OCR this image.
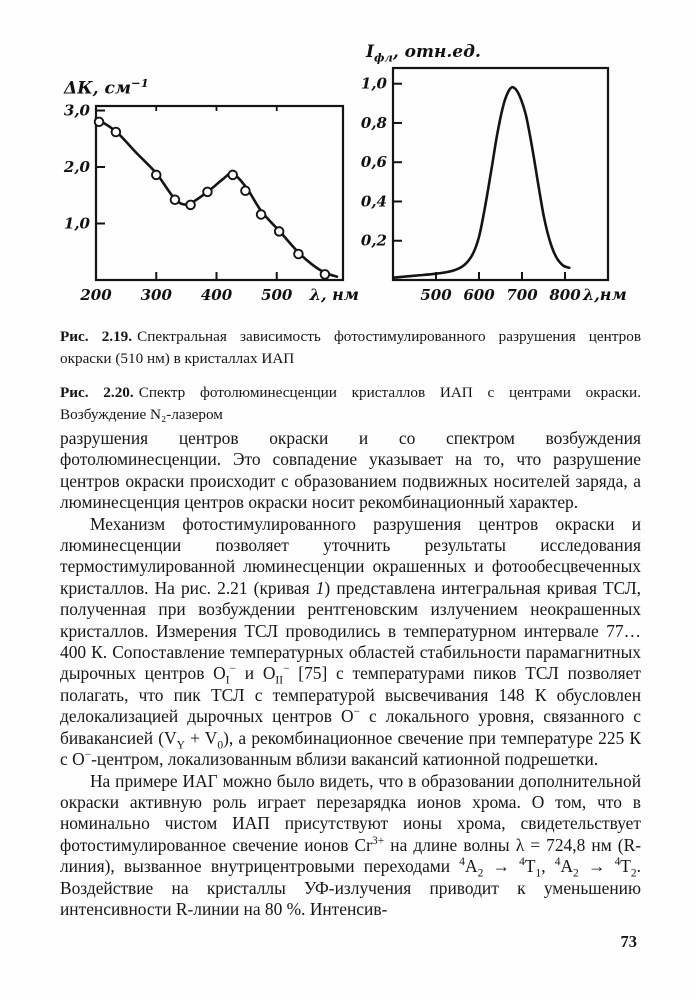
ΔК, $см^{-1}$
200 300 400 500
1,0
2,0
3,0
λ, нм
$I_{фл}$, отн.ед.
500 600 700 800
0,2
0,4
0,6
0,8
1,0
λ,нм

Рис. 2.19. Спектральная зависимость фотостимулированного разрушения центров окраски (510 нм) в кристаллах ИАП

Рис. 2.20. Спектр фотолюминесценции кристаллов ИАП с центрами окраски. Возбуждение N₂-лазером

разрушения центров окраски и со спектром возбуждения фотолюминесценции. Это совпадение указывает на то, что разрушение центров окраски происходит с образованием подвижных носителей заряда, а люминесценция центров окраски носит рекомбинационный характер.

Механизм фотостимулированного разрушения центров окраски и люминесценции позволяет уточнить результаты исследования термостимулированной люминесценции окрашенных и фотообесцвеченных кристаллов. На рис. 2.21 (кривая 1) представлена интегральная кривая ТСЛ, полученная при возбуждении рентгеновским излучением неокрашенных кристаллов. Измерения ТСЛ проводились в температурном интервале 77…400 К. Сопоставление температурных областей стабильности парамагнитных дырочных центров $O_I^-$ и $O_{II}^-$ [75] с температурами пиков ТСЛ позволяет полагать, что пик ТСЛ с температурой высвечивания 148 К обусловлен делокализацией дырочных центров О− с локального уровня, связанного с бивакансией $(V_Y + V_0)$, а рекомбинационное свечение при температуре 225 К с О−-центром, локализованным вблизи вакансий катионной подрешетки.

На примере ИАГ можно было видеть, что в образовании дополнительной окраски активную роль играет перезарядка ионов хрома. О том, что в номинально чистом ИАП присутствуют ионы хрома, свидетельствует фотостимулированное свечение ионов $Cr^{3+}$ на длине волны λ = 724,8 нм (R-линия), вызванное внутрицентровыми переходами $^4A_2 \to ^4T_1$, $^4A_2 \to ^4T_2$. Воздействие на кристаллы УФ-излучения приводит к уменьшению интенсивности R-линии на 80 %. Интенсив-

73
